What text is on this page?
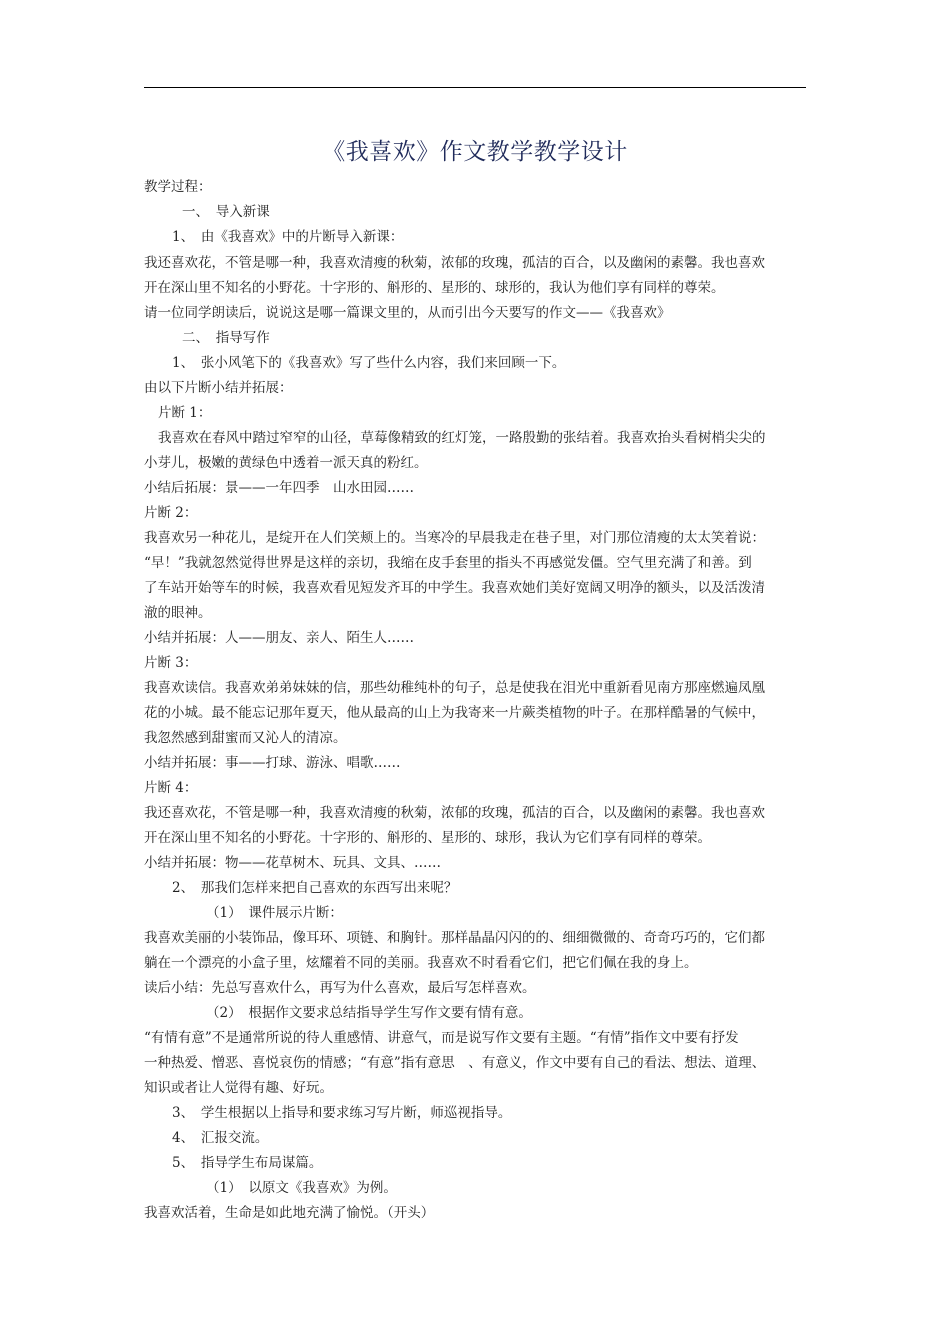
《我喜欢》作文教学教学设计
教学过程：
一、　导入新课
1、　由《我喜欢》中的片断导入新课：
我还喜欢花，不管是哪一种，我喜欢清瘦的秋菊，浓郁的玫瑰，孤洁的百合，以及幽闲的素馨。我也喜欢
开在深山里不知名的小野花。十字形的、斛形的、星形的、球形的，我认为他们享有同样的尊荣。
请一位同学朗读后，说说这是哪一篇课文里的，从而引出今天要写的作文——《我喜欢》
二、　指导写作
1、　张小风笔下的《我喜欢》写了些什么内容，我们来回顾一下。
由以下片断小结并拓展：
片断 1：
我喜欢在春风中踏过窄窄的山径，草莓像精致的红灯笼，一路殷勤的张结着。我喜欢抬头看树梢尖尖的
小芽儿，极嫩的黄绿色中透着一派天真的粉红。
小结后拓展：景——一年四季　山水田园……
片断 2：
我喜欢另一种花儿，是绽开在人们笑颊上的。当寒冷的早晨我走在巷子里，对门那位清瘦的太太笑着说：
“早！”我就忽然觉得世界是这样的亲切，我缩在皮手套里的指头不再感觉发僵。空气里充满了和善。到
了车站开始等车的时候，我喜欢看见短发齐耳的中学生。我喜欢她们美好宽阔又明净的额头，以及活泼清
澈的眼神。
小结并拓展：人——朋友、亲人、陌生人……
片断 3：
我喜欢读信。我喜欢弟弟妹妹的信，那些幼稚纯朴的句子，总是使我在泪光中重新看见南方那座燃遍凤凰
花的小城。最不能忘记那年夏天，他从最高的山上为我寄来一片蕨类植物的叶子。在那样酷暑的气候中，
我忽然感到甜蜜而又沁人的清凉。
小结并拓展：事——打球、游泳、唱歌……
片断 4：
我还喜欢花，不管是哪一种，我喜欢清瘦的秋菊，浓郁的玫瑰，孤洁的百合，以及幽闲的素馨。我也喜欢
开在深山里不知名的小野花。十字形的、斛形的、星形的、球形，我认为它们享有同样的尊荣。
小结并拓展：物——花草树木、玩具、文具、……
2、　那我们怎样来把自己喜欢的东西写出来呢？
（1）　课件展示片断：
我喜欢美丽的小装饰品，像耳环、项链、和胸针。那样晶晶闪闪的的、细细微微的、奇奇巧巧的，它们都
躺在一个漂亮的小盒子里，炫耀着不同的美丽。我喜欢不时看看它们，把它们佩在我的身上。
读后小结：先总写喜欢什么，再写为什么喜欢，最后写怎样喜欢。
（2）　根据作文要求总结指导学生写作文要有情有意。
“有情有意”不是通常所说的待人重感情、讲意气，而是说写作文要有主题。“有情”指作文中要有抒发
一种热爱、憎恶、喜悦哀伤的情感；“有意”指有意思　、有意义，作文中要有自己的看法、想法、道理、
知识或者让人觉得有趣、好玩。
3、　学生根据以上指导和要求练习写片断，师巡视指导。
4、　汇报交流。
5、　指导学生布局谋篇。
（1）　以原文《我喜欢》为例。
我喜欢活着，生命是如此地充满了愉悦。（开头）
